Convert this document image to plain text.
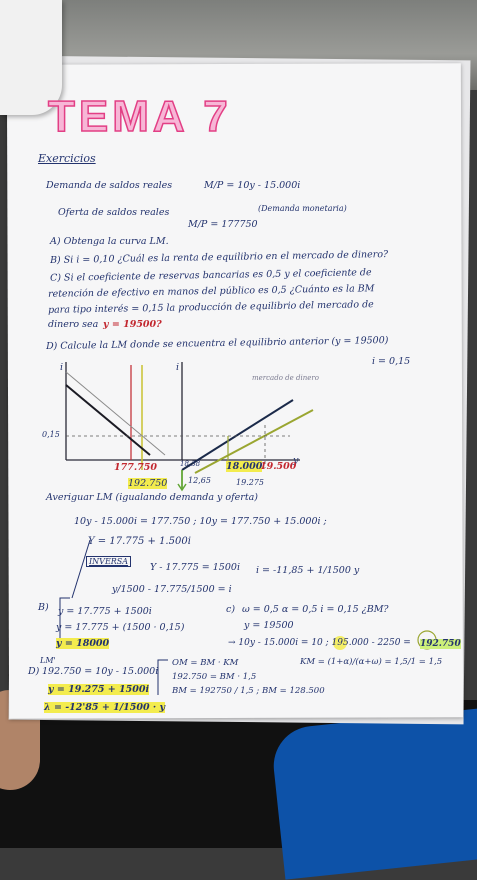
TEMA 7
Exercicios
Demanda de saldos reales	M/P = 10y - 15.000i
(Demanda monetaria)
Oferta de saldos reales
M/P = 177750
A) Obtenga la curva LM.
B) Si i = 0,10 ¿Cuál es la renta de equilibrio en el mercado de dinero?
C) Si el coeficiente de reservas bancarias es 0,5 y el coeficiente de
retención de efectivo en manos del público es 0,5 ¿Cuánto es la BM
para tipo interés = 0,15 la producción de equilibrio del mercado de
dinero sea y = 19500?
D) Calcule la LM donde se encuentra el equilibrio anterior (y = 19500)
i = 0,15
i	i
y
0,15
mercado de dinero
177.750
192.750
18,38
12,65
18.000
19.500
19.275
Averiguar LM (igualando demanda y oferta)
10y - 15.000i = 177.750 ; 10y = 177.750 + 15.000i ;
Y = 17.775 + 1.500i
INVERSA
Y - 17.775 = 1500i i = -11,85 + 1/1500 y
y/1500 - 17.775/1500 = i
B) y = 17.775 + 1500i
y = 17.775 + (1500 · 0,15)
y = 18000
c) ω = 0,5 α = 0,5 i = 0,15 ¿BM?
y = 19500
→ 10y - 15.000i = 10 ; 195.000 - 2250 = 192.750
LM'
D) 192.750 = 10y - 15.000i
y = 19.275 + 1500i
λ = -12'85 + 1/1500 · y
OM = BM · KM
192.750 = BM · 1,5
BM = 192750 / 1,5 ; BM = 128.500
KM = (1+α)/(α+ω) = 1,5/1 = 1,5
